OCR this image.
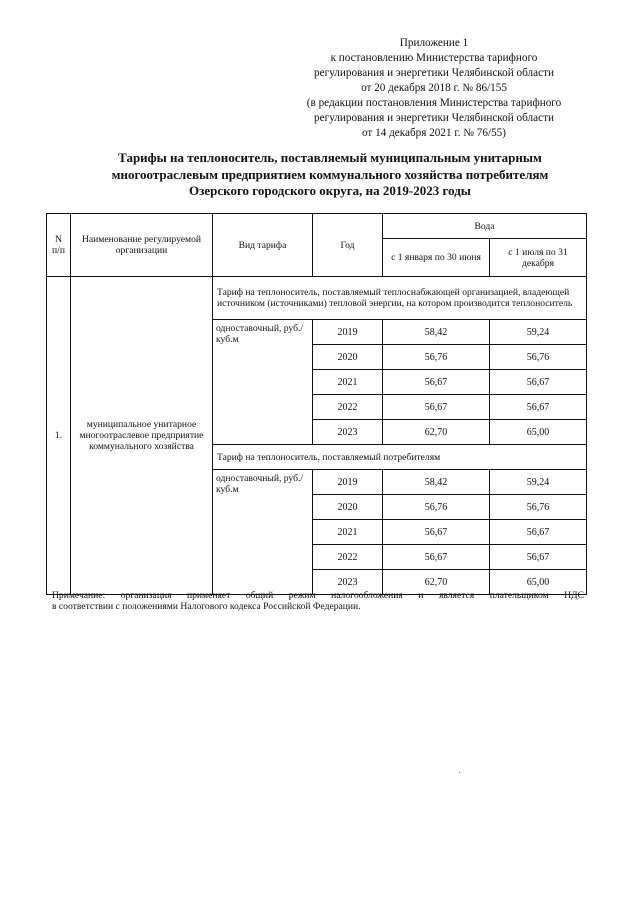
Приложение 1
к постановлению Министерства тарифного
регулирования и энергетики Челябинской области
от 20 декабря 2018 г. № 86/155
(в редакции постановления Министерства тарифного
регулирования и энергетики Челябинской области
от 14 декабря 2021 г. № 76/55)
Тарифы на теплоноситель, поставляемый муниципальным унитарным
многоотраслевым предприятием коммунального хозяйства потребителям
Озерского городского округа, на 2019-2023 годы
N п/п	Наименование регулируемой организации	Вид тарифа	Год	Вода	
				с 1 января по 30 июня	с 1 июля по 31 декабря
1.	муниципальное унитарное многоотраслевое предприятие коммунального хозяйства	Тариф на теплоноситель, поставляемый теплоснабжающей организацией, владеющей источником (источниками) тепловой энергии, на котором производится теплоноситель			
		одноставочный, руб./ куб.м	2019	58,42	59,24
			2020	56,76	56,76
			2021	56,67	56,67
			2022	56,67	56,67
			2023	62,70	65,00
		Тариф на теплоноситель, поставляемый потребителям			
		одноставочный, руб./ куб.м	2019	58,42	59,24
			2020	56,76	56,76
			2021	56,67	56,67
			2022	56,67	56,67
			2023	62,70	65,00
Примечание: организация применяет общий режим налогообложения и является плательщиком НДС
в соответствии с положениями Налогового кодекса Российской Федерации.
